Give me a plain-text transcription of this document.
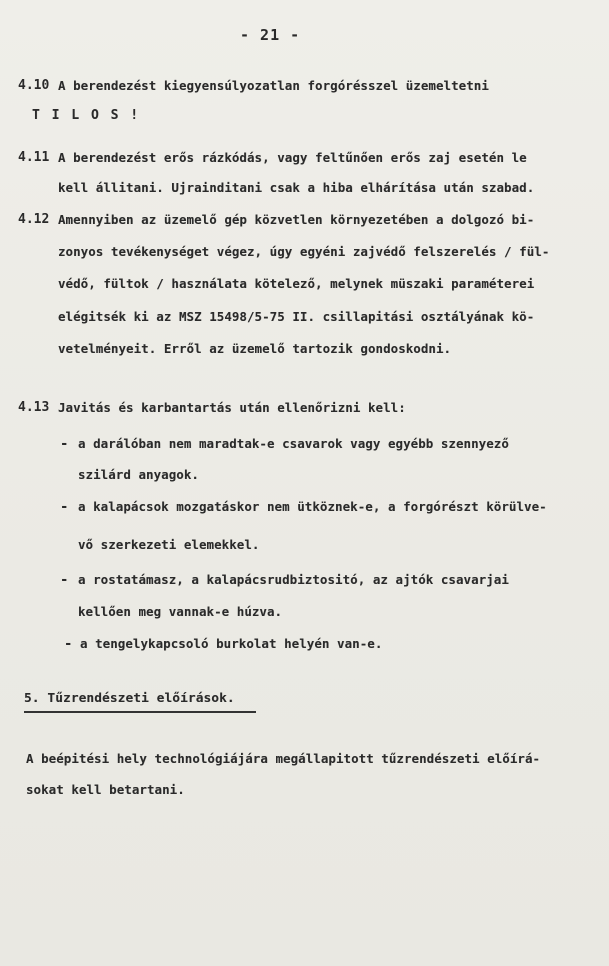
- 21 -
4.10 A berendezést kiegyensúlyozatlan forgórésszel üzemeltetni
T I L O S !
4.11 A berendezést erős rázkódás, vagy feltűnően erős zaj esetén le
kell állitani. Ujrainditani csak a hiba elhárítása után szabad.
4.12 Amennyiben az üzemelő gép közvetlen környezetében a dolgozó bi-
zonyos tevékenységet végez, úgy egyéni zajvédő felszerelés / fül-
védő, fültok / használata kötelező, melynek müszaki paraméterei
elégitsék ki az MSZ 15498/5-75 II. csillapitási osztályának kö-
vetelményeit. Erről az üzemelő tartozik gondoskodni.
4.13 Javitás és karbantartás után ellenőrizni kell:
- a darálóban nem maradtak-e csavarok vagy egyébb szennyező
szilárd anyagok.
- a kalapácsok mozgatáskor nem ütköznek-e, a forgórészt körülve-
vő szerkezeti elemekkel.
- a rostatámasz, a kalapácsrudbiztositó, az ajtók csavarjai
kellően meg vannak-e húzva.
- a tengelykapcsoló burkolat helyén van-e.
5. Tűzrendészeti előírások.
A beépitési hely technológiájára megállapitott tűzrendészeti előírá-
sokat kell betartani.
